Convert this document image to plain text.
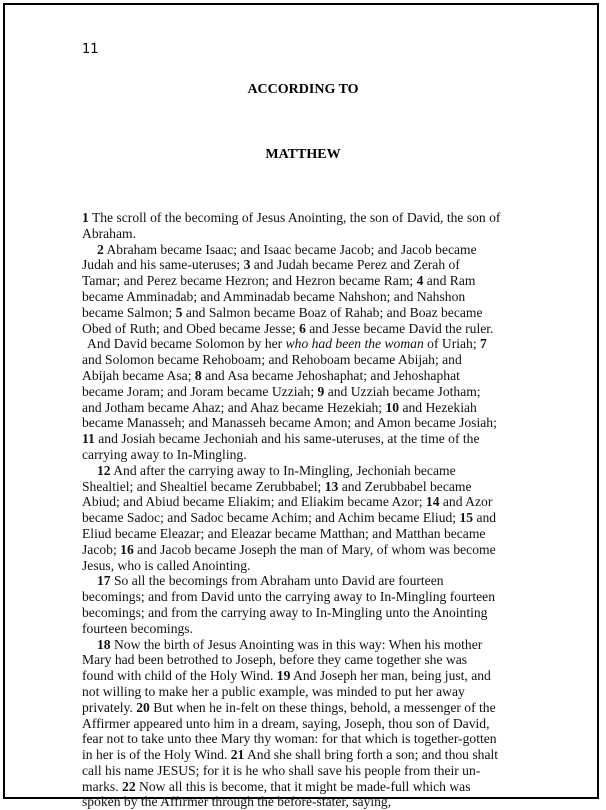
11
ACCORDING TO
MATTHEW
1 The scroll of the becoming of Jesus Anointing, the son of David, the son of
Abraham.
2 Abraham became Isaac; and Isaac became Jacob; and Jacob became
Judah and his same-uteruses; 3 and Judah became Perez and Zerah of
Tamar; and Perez became Hezron; and Hezron became Ram; 4 and Ram
became Amminadab; and Amminadab became Nahshon; and Nahshon
became Salmon; 5 and Salmon became Boaz of Rahab; and Boaz became
Obed of Ruth; and Obed became Jesse; 6 and Jesse became David the ruler.
And David became Solomon by her who had been the woman of Uriah; 7
and Solomon became Rehoboam; and Rehoboam became Abijah; and
Abijah became Asa; 8 and Asa became Jehoshaphat; and Jehoshaphat
became Joram; and Joram became Uzziah; 9 and Uzziah became Jotham;
and Jotham became Ahaz; and Ahaz became Hezekiah; 10 and Hezekiah
became Manasseh; and Manasseh became Amon; and Amon became Josiah;
11 and Josiah became Jechoniah and his same-uteruses, at the time of the
carrying away to In-Mingling.
12 And after the carrying away to In-Mingling, Jechoniah became
Shealtiel; and Shealtiel became Zerubbabel; 13 and Zerubbabel became
Abiud; and Abiud became Eliakim; and Eliakim became Azor; 14 and Azor
became Sadoc; and Sadoc became Achim; and Achim became Eliud; 15 and
Eliud became Eleazar; and Eleazar became Matthan; and Matthan became
Jacob; 16 and Jacob became Joseph the man of Mary, of whom was become
Jesus, who is called Anointing.
17 So all the becomings from Abraham unto David are fourteen
becomings; and from David unto the carrying away to In-Mingling fourteen
becomings; and from the carrying away to In-Mingling unto the Anointing
fourteen becomings.
18 Now the birth of Jesus Anointing was in this way: When his mother
Mary had been betrothed to Joseph, before they came together she was
found with child of the Holy Wind. 19 And Joseph her man, being just, and
not willing to make her a public example, was minded to put her away
privately. 20 But when he in-felt on these things, behold, a messenger of the
Affirmer appeared unto him in a dream, saying, Joseph, thou son of David,
fear not to take unto thee Mary thy woman: for that which is together-gotten
in her is of the Holy Wind. 21 And she shall bring forth a son; and thou shalt
call his name JESUS; for it is he who shall save his people from their un-
marks. 22 Now all this is become, that it might be made-full which was
spoken by the Affirmer through the before-stater, saying,
